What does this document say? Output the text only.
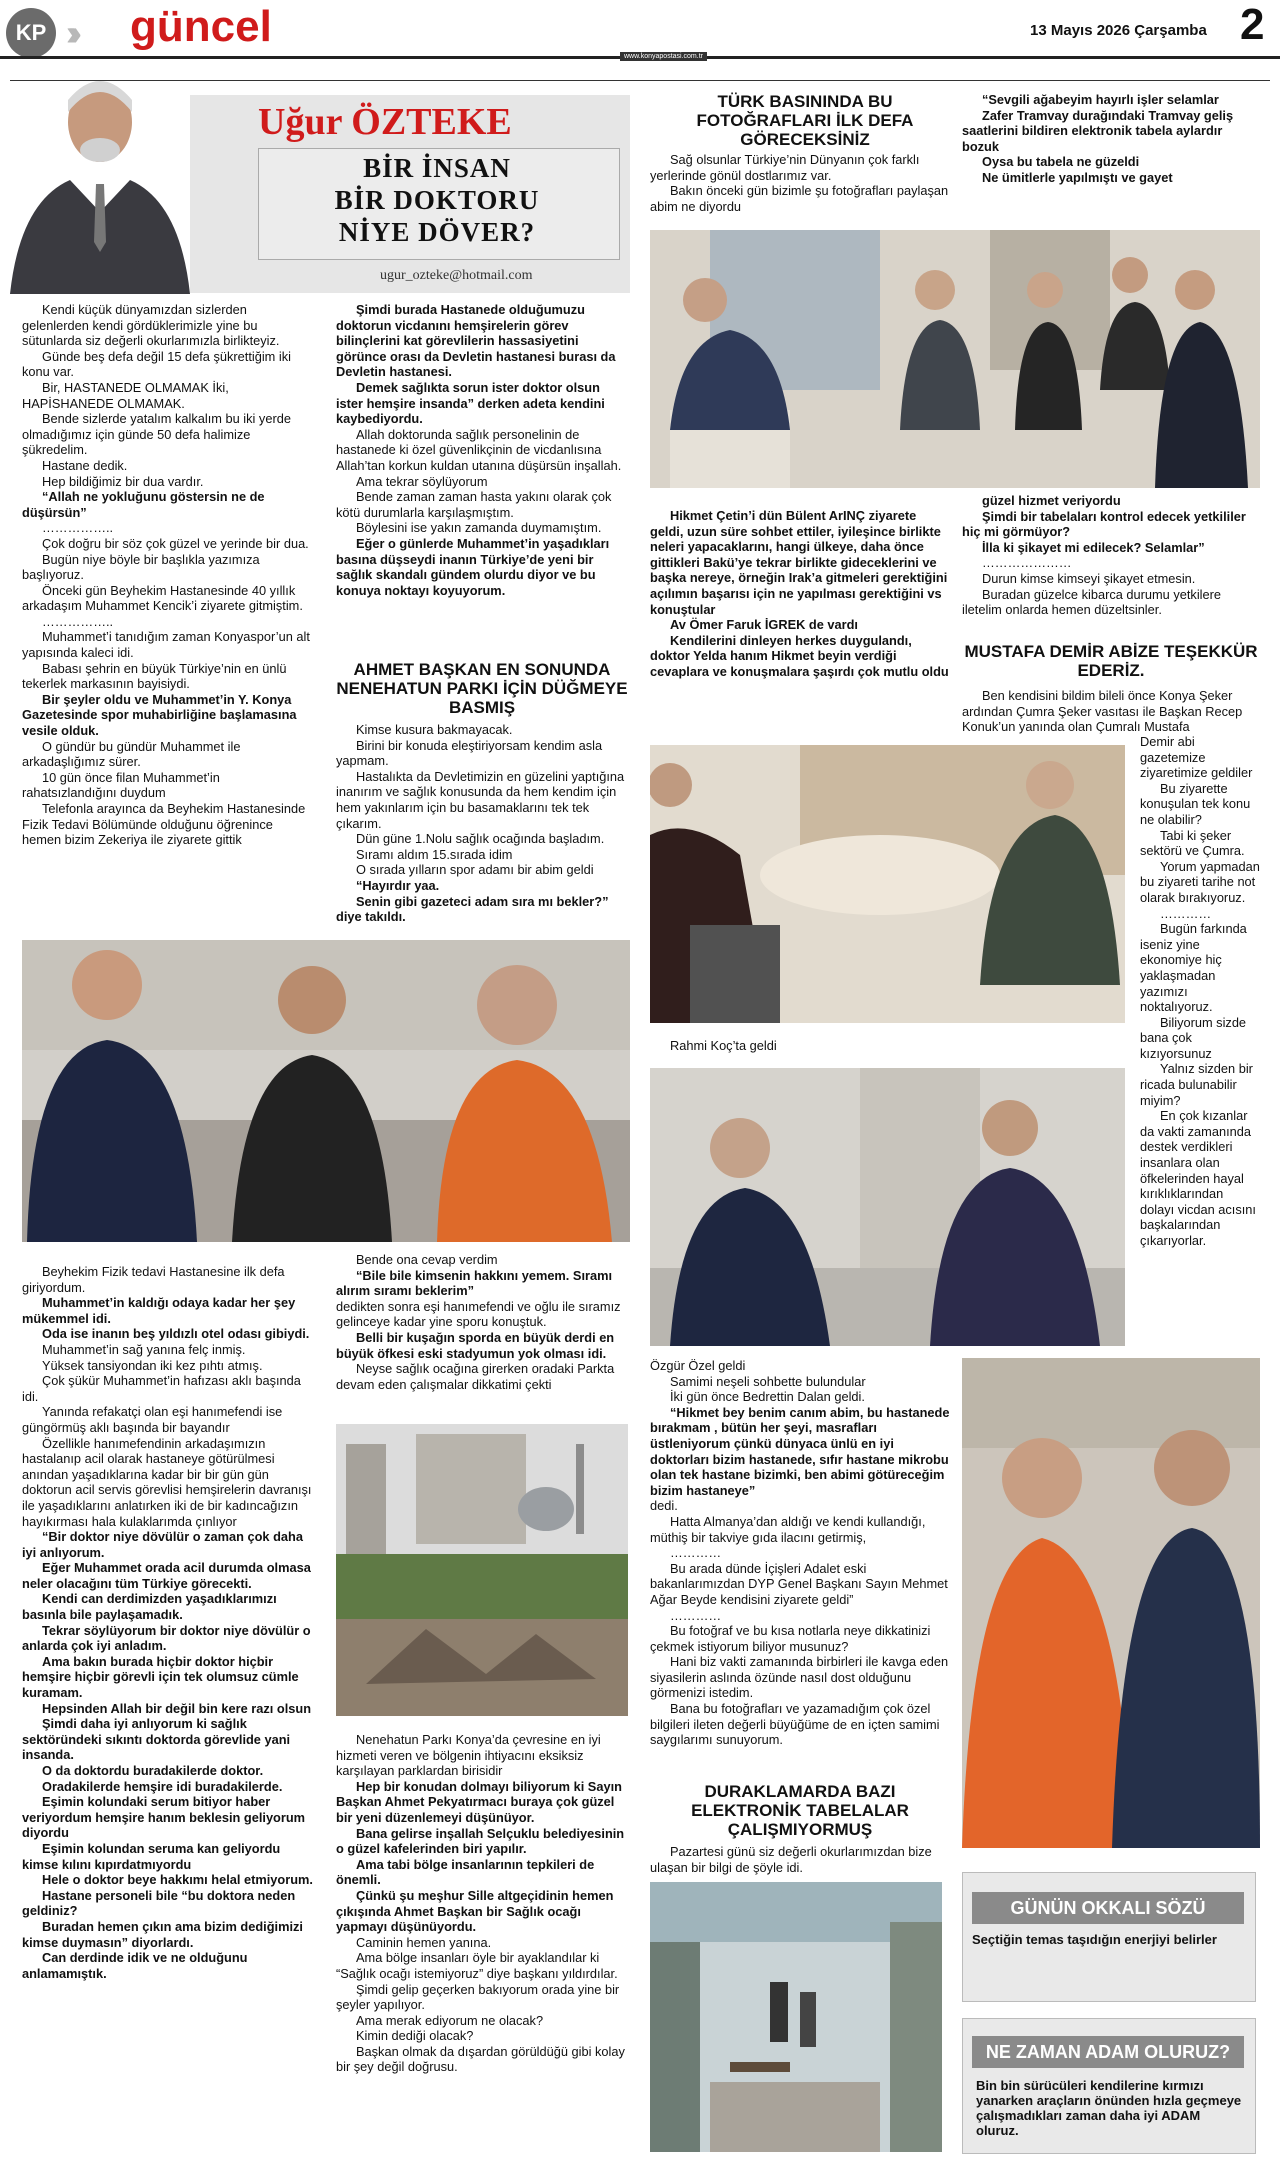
KP güncel	13 Mayıs 2026 Çarşamba 2
www.konyapostasi.com.tr
Uğur ÖZTEKE
BİR İNSAN
BİR DOKTORU
NİYE DÖVER?
ugur_ozteke@hotmail.com

Kendi küçük dünyamızdan sizlerden gelenlerden kendi gördüklerimizle yine bu sütunlarda siz değerli okurlarımızla birlikteyiz.

Günde beş defa değil 15 defa şükrettiğim iki konu var.

Bir, HASTANEDE OLMAMAK İki, HAPİSHANEDE OLMAMAK.

Bende sizlerde yatalım kalkalım bu iki yerde olmadığımız için günde 50 defa halimize şükredelim.

Hastane dedik.

Hep bildiğimiz bir dua vardır.

“Allah ne yokluğunu göstersin ne de düşürsün”

……………..

Çok doğru bir söz çok güzel ve yerinde bir dua.

Bugün niye böyle bir başlıkla yazımıza başlıyoruz.

Önceki gün Beyhekim Hastanesinde 40 yıllık arkadaşım Muhammet Kencik’i ziyarete gitmiştim.

……………..

Muhammet’i tanıdığım zaman Konyaspor’un alt yapısında kaleci idi.

Babası şehrin en büyük Türkiye’nin en ünlü tekerlek markasının bayisiydi.

Bir şeyler oldu ve Muhammet’in Y. Konya Gazetesinde spor muhabirliğine başlamasına vesile olduk.

O gündür bu gündür Muhammet ile arkadaşlığımız sürer.

10 gün önce filan Muhammet’in rahatsızlandığını duydum

Telefonla arayınca da Beyhekim Hastanesinde Fizik Tedavi Bölümünde olduğunu öğrenince hemen bizim Zekeriya ile ziyarete gittik

Şimdi burada Hastanede olduğumuzu doktorun vicdanını hemşirelerin görev bilinçlerini kat görevlilerin hassasiyetini görünce orası da Devletin hastanesi burası da Devletin hastanesi.

Demek sağlıkta sorun ister doktor olsun ister hemşire insanda” derken adeta kendini kaybediyordu.

Allah doktorunda sağlık personelinin de hastanede ki özel güvenlikçinin de vicdanlısına Allah’tan korkun kuldan utanına düşürsün inşallah.

Ama tekrar söylüyorum

Bende zaman zaman hasta yakını olarak çok kötü durumlarla karşılaşmıştım.

Böylesini ise yakın zamanda duymamıştım.

Eğer o günlerde Muhammet’in yaşadıkları basına düşseydi inanın Türkiye’de yeni bir sağlık skandalı gündem olurdu diyor ve bu konuya noktayı koyuyorum.

AHMET BAŞKAN EN SONUNDA NENEHATUN PARKI İÇİN DÜĞMEYE BASMIŞ

Kimse kusura bakmayacak.

Birini bir konuda eleştiriyorsam kendim asla yapmam.

Hastalıkta da Devletimizin en güzelini yaptığına inanırım ve sağlık konusunda da hem kendim için hem yakınlarım için bu basamaklarını tek tek çıkarım.

Dün güne 1.Nolu sağlık ocağında başladım.

Sıramı aldım 15.sırada idim

O sırada yılların spor adamı bir abim geldi

“Hayırdır yaa.

Senin gibi gazeteci adam sıra mı bekler?” diye takıldı.

TÜRK BASININDA BU FOTOĞRAFLARI İLK DEFA GÖRECEKSİNİZ

Sağ olsunlar Türkiye’nin Dünyanın çok farklı yerlerinde gönül dostlarımız var.

Bakın önceki gün bizimle şu fotoğrafları paylaşan abim ne diyordu

“Sevgili ağabeyim hayırlı işler selamlar

Zafer Tramvay durağındaki Tramvay geliş saatlerini bildiren elektronik tabela aylardır bozuk

Oysa bu tabela ne güzeldi

Ne ümitlerle yapılmıştı ve gayet

Hikmet Çetin’i dün Bülent ArINÇ ziyarete geldi, uzun süre sohbet ettiler, iyileşince birlikte neleri yapacaklarını, hangi ülkeye, daha önce gittikleri Bakü’ye tekrar birlikte gideceklerini ve başka nereye, örneğin Irak’a gitmeleri gerektiğini açılımın başarısı için ne yapılması gerektiğini vs konuştular

Av Ömer Faruk İGREK de vardı

Kendilerini dinleyen herkes duygulandı, doktor Yelda hanım Hikmet beyin verdiği cevaplara ve konuşmalara şaşırdı çok mutlu oldu

güzel hizmet veriyordu

Şimdi bir tabelaları kontrol edecek yetkililer hiç mi görmüyor?

İlla ki şikayet mi edilecek? Selamlar”

…………………

Durun kimse kimseyi şikayet etmesin.

Buradan güzelce kibarca durumu yetkilere iletelim onlarda hemen düzeltsinler.

MUSTAFA DEMİR ABİZE TEŞEKKÜR EDERİZ.

Ben kendisini bildim bileli önce Konya Şeker ardından Çumra Şeker vasıtası ile Başkan Recep Konuk’un yanında olan Çumralı Mustafa

Demir abi gazetemize ziyaretimize geldiler

Bu ziyarette konuşulan tek konu ne olabilir?

Tabi ki şeker sektörü ve Çumra.

Yorum yapmadan bu ziyareti tarihe not olarak bırakıyoruz.

…………

Bugün farkında iseniz yine ekonomiye hiç yaklaşmadan yazımızı noktalıyoruz.

Biliyorum sizde bana çok kızıyorsunuz

Yalnız sizden bir ricada bulunabilir miyim?

En çok kızanlar da vakti zamanında destek verdikleri insanlara olan öfkelerinden hayal kırıklıklarından dolayı vicdan acısını başkalarından çıkarıyorlar.

Rahmi Koç’ta geldi

Beyhekim Fizik tedavi Hastanesine ilk defa giriyordum.

Muhammet’in kaldığı odaya kadar her şey mükemmel idi.

Oda ise inanın beş yıldızlı otel odası gibiydi.

Muhammet’in sağ yanına felç inmiş.

Yüksek tansiyondan iki kez pıhtı atmış.

Çok şükür Muhammet’in hafızası aklı başında idi.

Yanında refakatçi olan eşi hanımefendi ise güngörmüş aklı başında bir bayandır

Özellikle hanımefendinin arkadaşımızın hastalanıp acil olarak hastaneye götürülmesi anından yaşadıklarına kadar bir bir gün gün doktorun acil servis görevlisi hemşirelerin davranışı ile yaşadıklarını anlatırken iki de bir kadıncağızın hayıkırması hala kulaklarımda çınlıyor

“Bir doktor niye dövülür o zaman çok daha iyi anlıyorum.

Eğer Muhammet orada acil durumda olmasa neler olacağını tüm Türkiye görecekti.

Kendi can derdimizden yaşadıklarımızı basınla bile paylaşamadık.

Tekrar söylüyorum bir doktor niye dövülür o anlarda çok iyi anladım.

Ama bakın burada hiçbir doktor hiçbir hemşire hiçbir görevli için tek olumsuz cümle kuramam.

Hepsinden Allah bir değil bin kere razı olsun

Şimdi daha iyi anlıyorum ki sağlık sektöründeki sıkıntı doktorda görevlide yani insanda.

O da doktordu buradakilerde doktor.

Oradakilerde hemşire idi buradakilerde.

Eşimin kolundaki serum bitiyor haber veriyordum hemşire hanım beklesin geliyorum diyordu

Eşimin kolundan seruma kan geliyordu kimse kılını kıpırdatmıyordu

Hele o doktor beye hakkımı helal etmiyorum.

Hastane personeli bile “bu doktora neden geldiniz?

Buradan hemen çıkın ama bizim dediğimizi kimse duymasın” diyorlardı.

Can derdinde idik ve ne olduğunu anlamamıştık.

Bende ona cevap verdim

“Bile bile kimsenin hakkını yemem. Sıramı alırım sıramı beklerim”

dedikten sonra eşi hanımefendi ve oğlu ile sıramız gelinceye kadar yine sporu konuştuk.

Belli bir kuşağın sporda en büyük derdi en büyük öfkesi eski stadyumun yok olması idi.

Neyse sağlık ocağına girerken oradaki Parkta devam eden çalışmalar dikkatimi çekti

Nenehatun Parkı Konya’da çevresine en iyi hizmeti veren ve bölgenin ihtiyacını eksiksiz karşılayan parklardan birisidir

Hep bir konudan dolmayı biliyorum ki Sayın Başkan Ahmet Pekyatırmacı buraya çok güzel bir yeni düzenlemeyi düşünüyor.

Bana gelirse inşallah Selçuklu belediyesinin o güzel kafelerinden biri yapılır.

Ama tabi bölge insanlarının tepkileri de önemli.

Çünkü şu meşhur Sille altgeçidinin hemen çıkışında Ahmet Başkan bir Sağlık ocağı yapmayı düşünüyordu.

Caminin hemen yanına.

Ama bölge insanları öyle bir ayaklandılar ki “Sağlık ocağı istemiyoruz” diye başkanı yıldırdılar.

Şimdi gelip geçerken bakıyorum orada yine bir şeyler yapılıyor.

Ama merak ediyorum ne olacak?

Kimin dediği olacak?

Başkan olmak da dışardan görüldüğü gibi kolay bir şey değil doğrusu.

Özgür Özel geldi

Samimi neşeli sohbette bulundular

İki gün önce Bedrettin Dalan geldi.

“Hikmet bey benim canım abim, bu hastanede bırakmam , bütün her şeyi, masrafları üstleniyorum çünkü dünyaca ünlü en iyi doktorları bizim hastanede, sıfır hastane mikrobu olan tek hastane bizimki, ben abimi götüreceğim bizim hastaneye”

dedi.

Hatta Almanya’dan aldığı ve kendi kullandığı, müthiş bir takviye gıda ilacını getirmiş,

…………

Bu arada dünde İçişleri Adalet eski bakanlarımızdan DYP Genel Başkanı Sayın Mehmet Ağar Beyde kendisini ziyarete geldi”

…………

Bu fotoğraf ve bu kısa notlarla neye dikkatinizi çekmek istiyorum biliyor musunuz?

Hani biz vakti zamanında birbirleri ile kavga eden siyasilerin aslında özünde nasıl dost olduğunu görmenizi istedim.

Bana bu fotoğrafları ve yazamadığım çok özel bilgileri ileten değerli büyüğüme de en içten samimi saygılarımı sunuyorum.

DURAKLAMARDA BAZI ELEKTRONİK TABELALAR ÇALIŞMIYORMUŞ

Pazartesi günü siz değerli okurlarımızdan bize ulaşan bir bilgi de şöyle idi.

GÜNÜN OKKALI SÖZÜ
Seçtiğin temas taşıdığın enerjiyi belirler
NE ZAMAN ADAM OLURUZ?
Bin bin sürücüleri kendilerine kırmızı yanarken araçların önünden hızla geçmeye çalışmadıkları zaman daha iyi ADAM oluruz.
